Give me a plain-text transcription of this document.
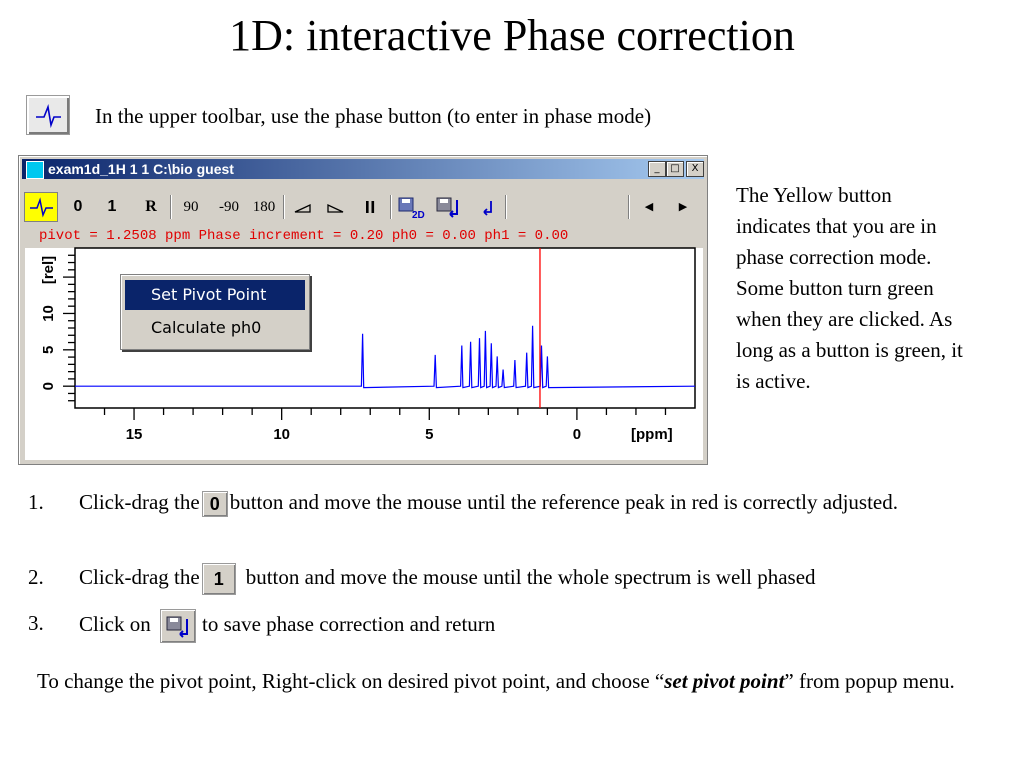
1D: interactive Phase correction
In the upper toolbar, use the phase button (to enter in phase mode)
exam1d_1H 1 1 C:\bio guest	_	□	X
0	1	R	90	-90 180
2D
◀	▶
pivot = 1.2508 ppm Phase increment = 0.20 ph0 = 0.00 ph1 = 0.00
15	10	5	0
0
5
10
[ppm]
[rel]
Set Pivot Point
Calculate ph0
The Yellow button indicates that you are in phase correction mode. Some button turn green when they are clicked. As long as a button is green, it is active.
1. Click-drag the 0 button and move the mouse until the reference peak in red is correctly adjusted.
2. Click-drag the 1 button and move the mouse until the whole spectrum is well phased
3. Click on to save phase correction and return
To change the pivot point, Right-click on desired pivot point, and choose “set pivot point” from popup menu.
